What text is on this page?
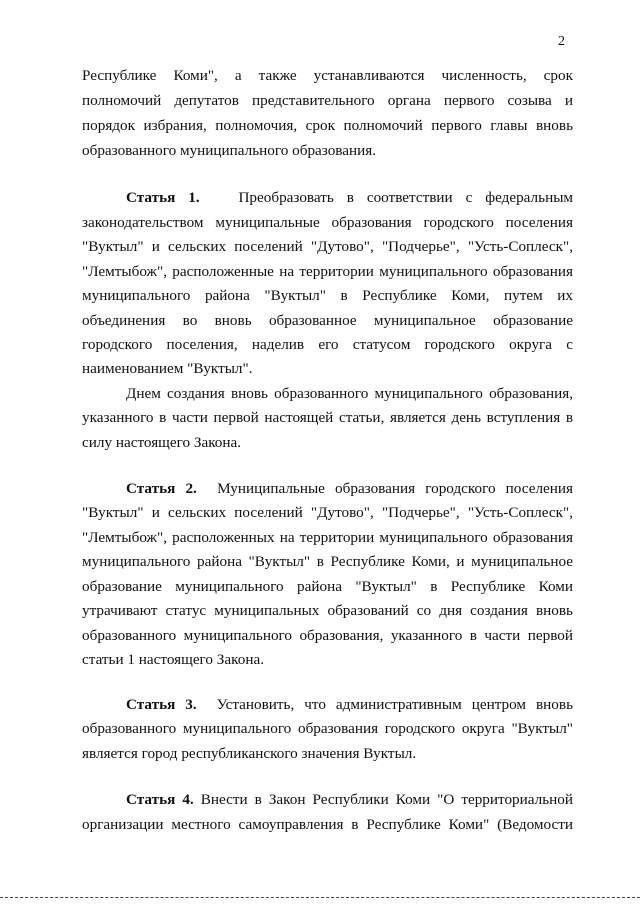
2
Республике Коми", а также устанавливаются численность, срок
полномочий депутатов представительного органа первого созыва и
порядок избрания, полномочия, срок полномочий первого главы вновь
образованного муниципального образования.
Статья 1.	Преобразовать в соответствии с федеральным
законодательством муниципальные образования городского поселения
"Вуктыл" и сельских поселений "Дутово", "Подчерье", "Усть-Соплеск",
"Лемтыбож", расположенные на территории муниципального образования
муниципального района "Вуктыл" в Республике Коми, путем их
объединения во вновь образованное муниципальное образование
городского поселения, наделив его статусом городского округа с
наименованием "Вуктыл".
Днем создания вновь образованного муниципального образования,
указанного в части первой настоящей статьи, является день вступления в
силу настоящего Закона.
Статья 2. Муниципальные образования городского поселения
"Вуктыл" и сельских поселений "Дутово", "Подчерье", "Усть-Соплеск",
"Лемтыбож", расположенных на территории муниципального образования
муниципального района "Вуктыл" в Республике Коми, и муниципальное
образование муниципального района "Вуктыл" в Республике Коми
утрачивают статус муниципальных образований со дня создания вновь
образованного муниципального образования, указанного в части первой
статьи 1 настоящего Закона.
Статья 3. Установить, что административным центром вновь
образованного муниципального образования городского округа "Вуктыл"
является город республиканского значения Вуктыл.
Статья 4. Внести в Закон Республики Коми "О территориальной
организации местного самоуправления в Республике Коми" (Ведомости
